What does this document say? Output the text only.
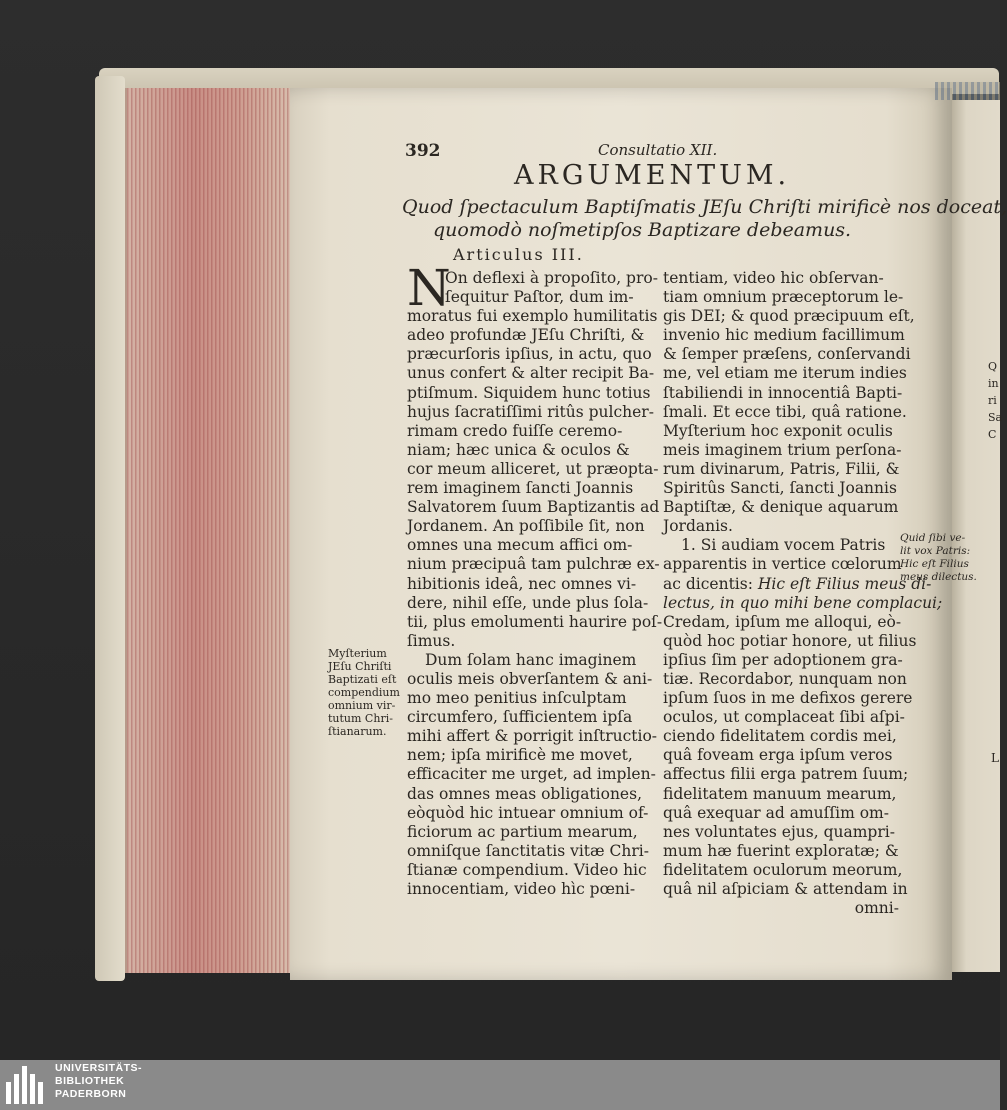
392	Consultatio XII.
ARGUMENTUM.
Quod ſpectaculum Baptiſmatis JEſu Chriſti mirificè nos doceat,
quomodò noſmetipſos Baptizare debeamus.
Articulus III.
N
On deflexi à propoſito, pro-
ſequitur Paſtor, dum im-
moratus fui exemplo humilitatis
adeo profundæ JEſu Chriſti, &
præcurſoris ipſius, in actu, quo
unus confert & alter recipit Ba-
ptiſmum. Siquidem hunc totius
hujus ſacratiſſimi ritûs pulcher-
rimam credo fuiſſe ceremo-
niam; hæc unica & oculos &
cor meum alliceret, ut præopta-
rem imaginem ſancti Joannis
Salvatorem ſuum Baptizantis ad
Jordanem. An poſſibile ſit, non
omnes una mecum affici om-
nium præcipuâ tam pulchræ ex-
hibitionis ideâ, nec omnes vi-
dere, nihil eſſe, unde plus ſola-
tii, plus emolumenti haurire poſ-
ſimus.
Dum ſolam hanc imaginem
oculis meis obverſantem & ani-
mo meo penitius inſculptam
circumfero, ſufficientem ipſa
mihi affert & porrigit inſtructio-
nem; ipſa mirificè me movet,
efficaciter me urget, ad implen-
das omnes meas obligationes,
eòquòd hic intuear omnium of-
ficiorum ac partium mearum,
omniſque ſanctitatis vitæ Chri-
ſtianæ compendium. Video hic
innocentiam, video hìc pœni-
tentiam, video hic obſervan-
tiam omnium præceptorum le-
gis DEI; & quod præcipuum eſt,
invenio hic medium facillimum
& ſemper præſens, conſervandi
me, vel etiam me iterum indies
ſtabiliendi in innocentiâ Bapti-
ſmali. Et ecce tibi, quâ ratione.
Myſterium hoc exponit oculis
meis imaginem trium perſona-
rum divinarum, Patris, Filii, &
Spiritûs Sancti, ſancti Joannis
Baptiſtæ, & denique aquarum
Jordanis.
1. Si audiam vocem Patris
apparentis in vertice cœlorum
ac dicentis: Hic eſt Filius meus di-
lectus, in quo mihi bene complacui;
Credam, ipſum me alloqui, eò-
quòd hoc potiar honore, ut filius
ipſius ſim per adoptionem gra-
tiæ. Recordabor, nunquam non
ipſum ſuos in me defixos gerere
oculos, ut complaceat ſibi aſpi-
ciendo fidelitatem cordis mei,
quâ foveam erga ipſum veros
affectus filii erga patrem ſuum;
fidelitatem manuum mearum,
quâ exequar ad amuſſim om-
nes voluntates ejus, quampri-
mum hæ fuerint exploratæ; &
fidelitatem oculorum meorum,
quâ nil aſpiciam & attendam in
omni-
Myſterium
JEſu Chriſti
Baptizati eſt
compendium
omnium vir-
tutum Chri-
ſtianarum.
Quid ſibi ve-
lit vox Patris:
Hic eſt Filius
meus dilectus.
Q
in
ri
Sa
C
L
UNIVERSITÄTS-
BIBLIOTHEK
PADERBORN
